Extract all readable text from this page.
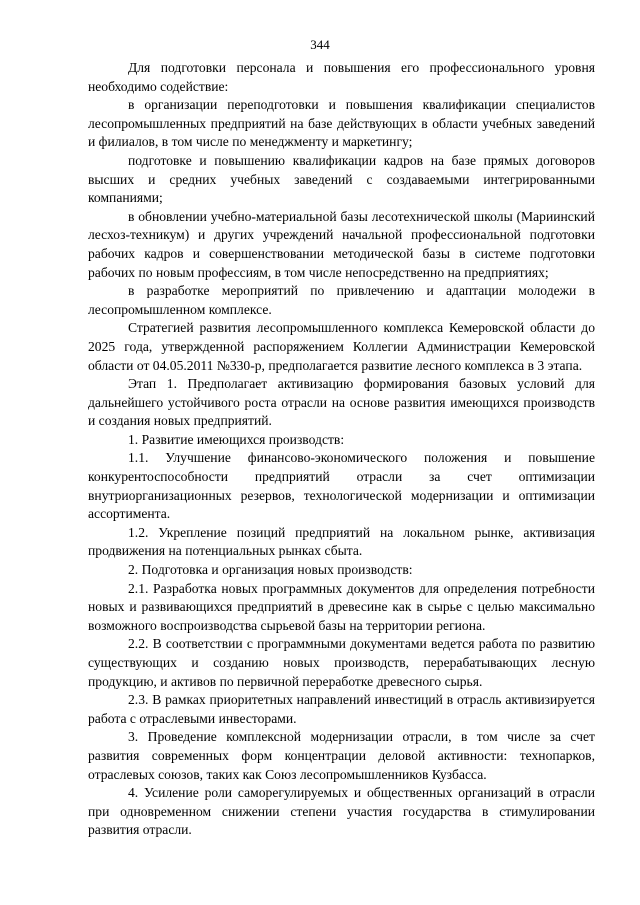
344

Для подготовки персонала и повышения его профессионального уровня необходимо содействие:

в организации переподготовки и повышения квалификации специалистов лесопромышленных предприятий на базе действующих в области учебных заведений и филиалов, в том числе по менеджменту и маркетингу;

подготовке и повышению квалификации кадров на базе прямых договоров высших и средних учебных заведений с создаваемыми интегрированными компаниями;

в обновлении учебно-материальной базы лесотехнической школы (Мариинский лесхоз-техникум) и других учреждений начальной профессиональной подготовки рабочих кадров и совершенствовании методической базы в системе подготовки рабочих по новым профессиям, в том числе непосредственно на предприятиях;

в разработке мероприятий по привлечению и адаптации молодежи в лесопромышленном комплексе.

Стратегией развития лесопромышленного комплекса Кемеровской области до 2025 года, утвержденной распоряжением Коллегии Администрации Кемеровской области от 04.05.2011 №330-р, предполагается развитие лесного комплекса в 3 этапа.

Этап 1. Предполагает активизацию формирования базовых условий для дальнейшего устойчивого роста отрасли на основе развития имеющихся производств и создания новых предприятий.

1. Развитие имеющихся производств:

1.1. Улучшение финансово-экономического положения и повышение конкурентоспособности предприятий отрасли за счет оптимизации внутриорганизационных резервов, технологической модернизации и оптимизации ассортимента.

1.2. Укрепление позиций предприятий на локальном рынке, активизация продвижения на потенциальных рынках сбыта.

2. Подготовка и организация новых производств:

2.1. Разработка новых программных документов для определения потребности новых и развивающихся предприятий в древесине как в сырье с целью максимально возможного воспроизводства сырьевой базы на территории региона.

2.2. В соответствии с программными документами ведется работа по развитию существующих и созданию новых производств, перерабатывающих лесную продукцию, и активов по первичной переработке древесного сырья.

2.3. В рамках приоритетных направлений инвестиций в отрасль активизируется работа с отраслевыми инвесторами.

3. Проведение комплексной модернизации отрасли, в том числе за счет развития современных форм концентрации деловой активности: технопарков, отраслевых союзов, таких как Союз лесопромышленников Кузбасса.

4. Усиление роли саморегулируемых и общественных организаций в отрасли при одновременном снижении степени участия государства в стимулировании развития отрасли.
